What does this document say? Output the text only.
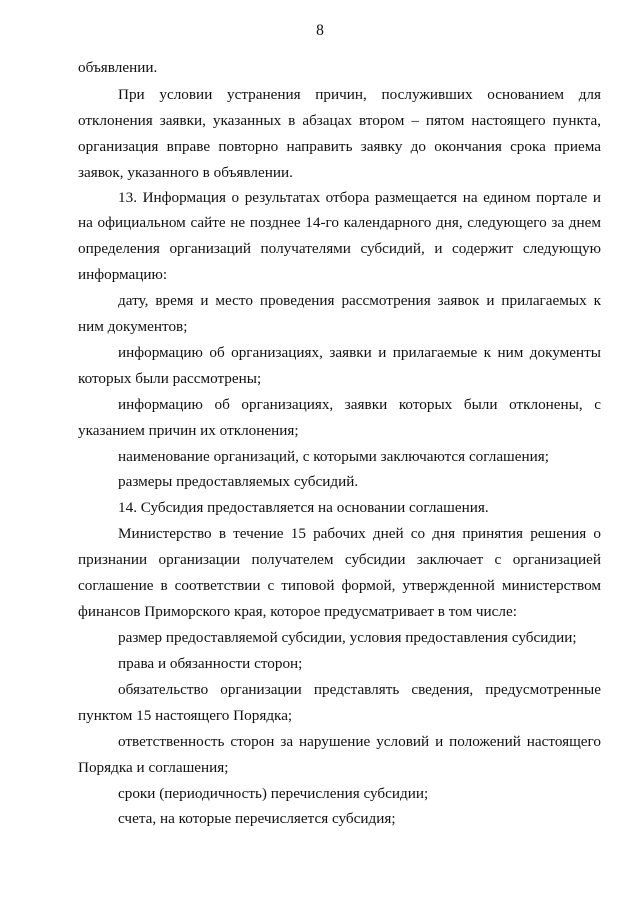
8
объявлении.
При условии устранения причин, послуживших основанием для
отклонения заявки, указанных в абзацах втором – пятом настоящего пункта,
организация вправе повторно направить заявку до окончания срока приема
заявок, указанного в объявлении.
13. Информация о результатах отбора размещается на едином портале и
на официальном сайте не позднее 14-го календарного дня, следующего за днем
определения организаций получателями субсидий, и содержит следующую
информацию:
дату, время и место проведения рассмотрения заявок и прилагаемых к
ним документов;
информацию об организациях, заявки и прилагаемые к ним документы
которых были рассмотрены;
информацию об организациях, заявки которых были отклонены, с
указанием причин их отклонения;
наименование организаций, с которыми заключаются соглашения;
размеры предоставляемых субсидий.
14. Субсидия предоставляется на основании соглашения.
Министерство в течение 15 рабочих дней со дня принятия решения о
признании организации получателем субсидии заключает с организацией
соглашение в соответствии с типовой формой, утвержденной министерством
финансов Приморского края, которое предусматривает в том числе:
размер предоставляемой субсидии, условия предоставления субсидии;
права и обязанности сторон;
обязательство организации представлять сведения, предусмотренные
пунктом 15 настоящего Порядка;
ответственность сторон за нарушение условий и положений настоящего
Порядка и соглашения;
сроки (периодичность) перечисления субсидии;
счета, на которые перечисляется субсидия;
